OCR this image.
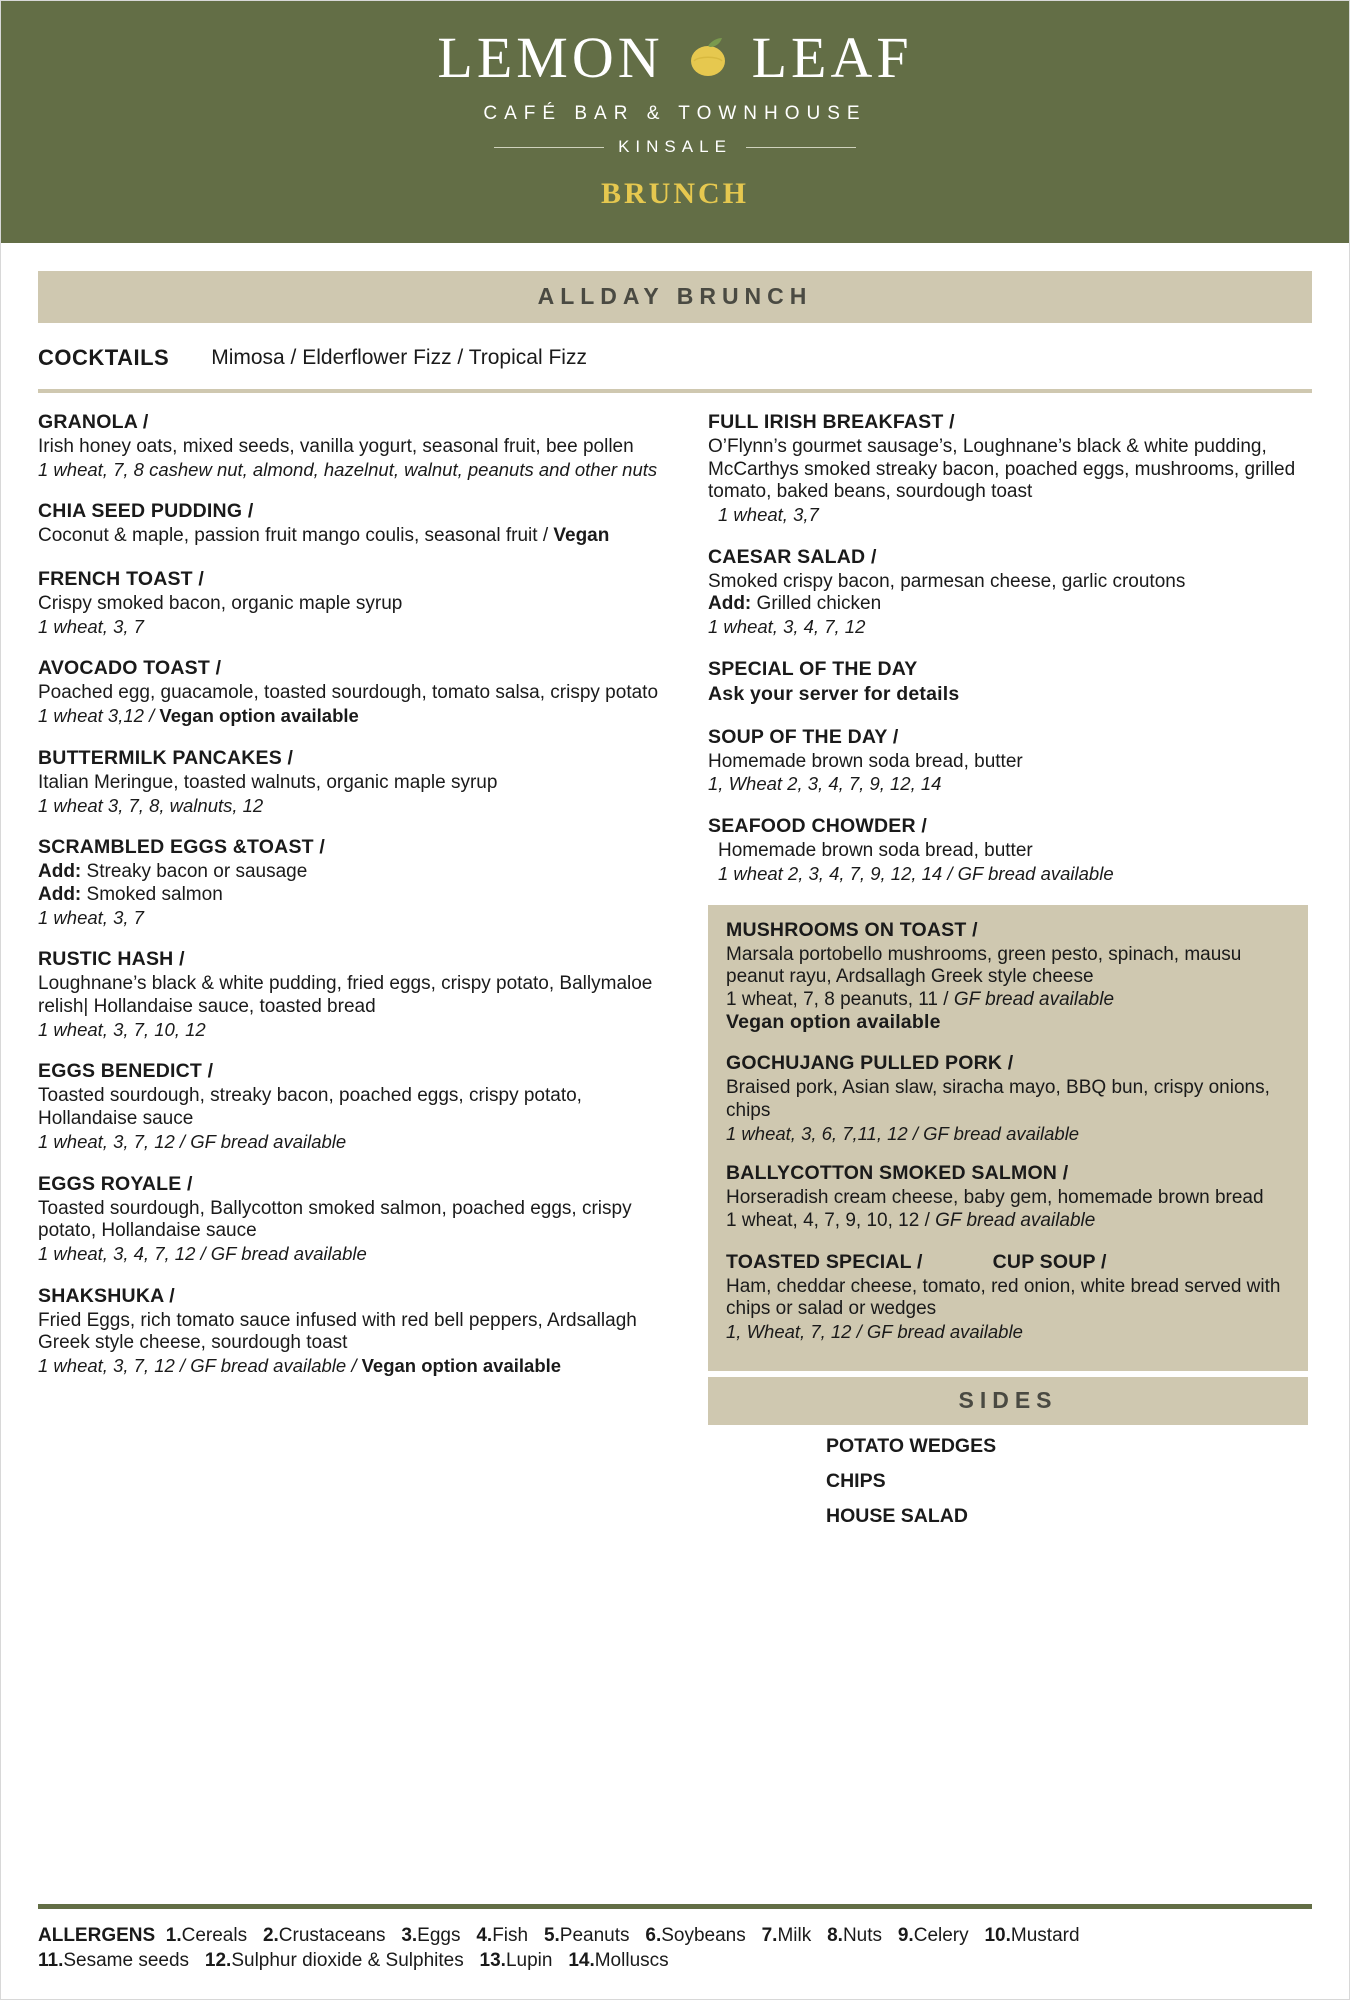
LEMON LEAF
CAFÉ BAR & TOWNHOUSE
KINSALE
BRUNCH
ALLDAY BRUNCH
COCKTAILS Mimosa / Elderflower Fizz / Tropical Fizz
GRANOLA /
Irish honey oats, mixed seeds, vanilla yogurt, seasonal fruit, bee pollen
1 wheat, 7, 8 cashew nut, almond, hazelnut, walnut, peanuts and other nuts
CHIA SEED PUDDING /
Coconut & maple, passion fruit mango coulis, seasonal fruit / Vegan
FRENCH TOAST /
Crispy smoked bacon, organic maple syrup
1 wheat, 3, 7
AVOCADO TOAST /
Poached egg, guacamole, toasted sourdough, tomato salsa, crispy potato
1 wheat 3,12 / Vegan option available
BUTTERMILK PANCAKES /
Italian Meringue, toasted walnuts, organic maple syrup
1 wheat 3, 7, 8, walnuts, 12
SCRAMBLED EGGS &TOAST /
Add: Streaky bacon or sausage
Add: Smoked salmon
1 wheat, 3, 7
RUSTIC HASH /
Loughnane’s black & white pudding, fried eggs, crispy potato, Ballymaloe relish| Hollandaise sauce, toasted bread
1 wheat, 3, 7, 10, 12
EGGS BENEDICT /
Toasted sourdough, streaky bacon, poached eggs, crispy potato, Hollandaise sauce
1 wheat, 3, 7, 12 / GF bread available
EGGS ROYALE /
Toasted sourdough, Ballycotton smoked salmon, poached eggs, crispy potato, Hollandaise sauce
1 wheat, 3, 4, 7, 12 / GF bread available
SHAKSHUKA /
Fried Eggs, rich tomato sauce infused with red bell peppers, Ardsallagh Greek style cheese, sourdough toast
1 wheat, 3, 7, 12 / GF bread available / Vegan option available
FULL IRISH BREAKFAST /
O’Flynn’s gourmet sausage’s, Loughnane’s black & white pudding, McCarthys smoked streaky bacon, poached eggs, mushrooms, grilled tomato, baked beans, sourdough toast
1 wheat, 3,7
CAESAR SALAD /
Smoked crispy bacon, parmesan cheese, garlic croutons
Add: Grilled chicken
1 wheat, 3, 4, 7, 12
SPECIAL OF THE DAY
Ask your server for details
SOUP OF THE DAY /
Homemade brown soda bread, butter
1, Wheat 2, 3, 4, 7, 9, 12, 14
SEAFOOD CHOWDER /
Homemade brown soda bread, butter
1 wheat 2, 3, 4, 7, 9, 12, 14 / GF bread available
MUSHROOMS ON TOAST /
Marsala portobello mushrooms, green pesto, spinach, mausu peanut rayu, Ardsallagh Greek style cheese
1 wheat, 7, 8 peanuts, 11 / GF bread available
Vegan option available
GOCHUJANG PULLED PORK /
Braised pork, Asian slaw, siracha mayo, BBQ bun, crispy onions, chips
1 wheat, 3, 6, 7,11, 12 / GF bread available
BALLYCOTTON SMOKED SALMON /
Horseradish cream cheese, baby gem, homemade brown bread
1 wheat, 4, 7, 9, 10, 12 / GF bread available
TOASTED SPECIAL /	CUP SOUP /
Ham, cheddar cheese, tomato, red onion, white bread served with chips or salad or wedges
1, Wheat, 7, 12 / GF bread available
SIDES
POTATO WEDGES
CHIPS
HOUSE SALAD
ALLERGENS 1.Cereals 2.Crustaceans 3.Eggs 4.Fish 5.Peanuts 6.Soybeans 7.Milk 8.Nuts 9.Celery 10.Mustard
11.Sesame seeds 12.Sulphur dioxide & Sulphites 13.Lupin 14.Molluscs
